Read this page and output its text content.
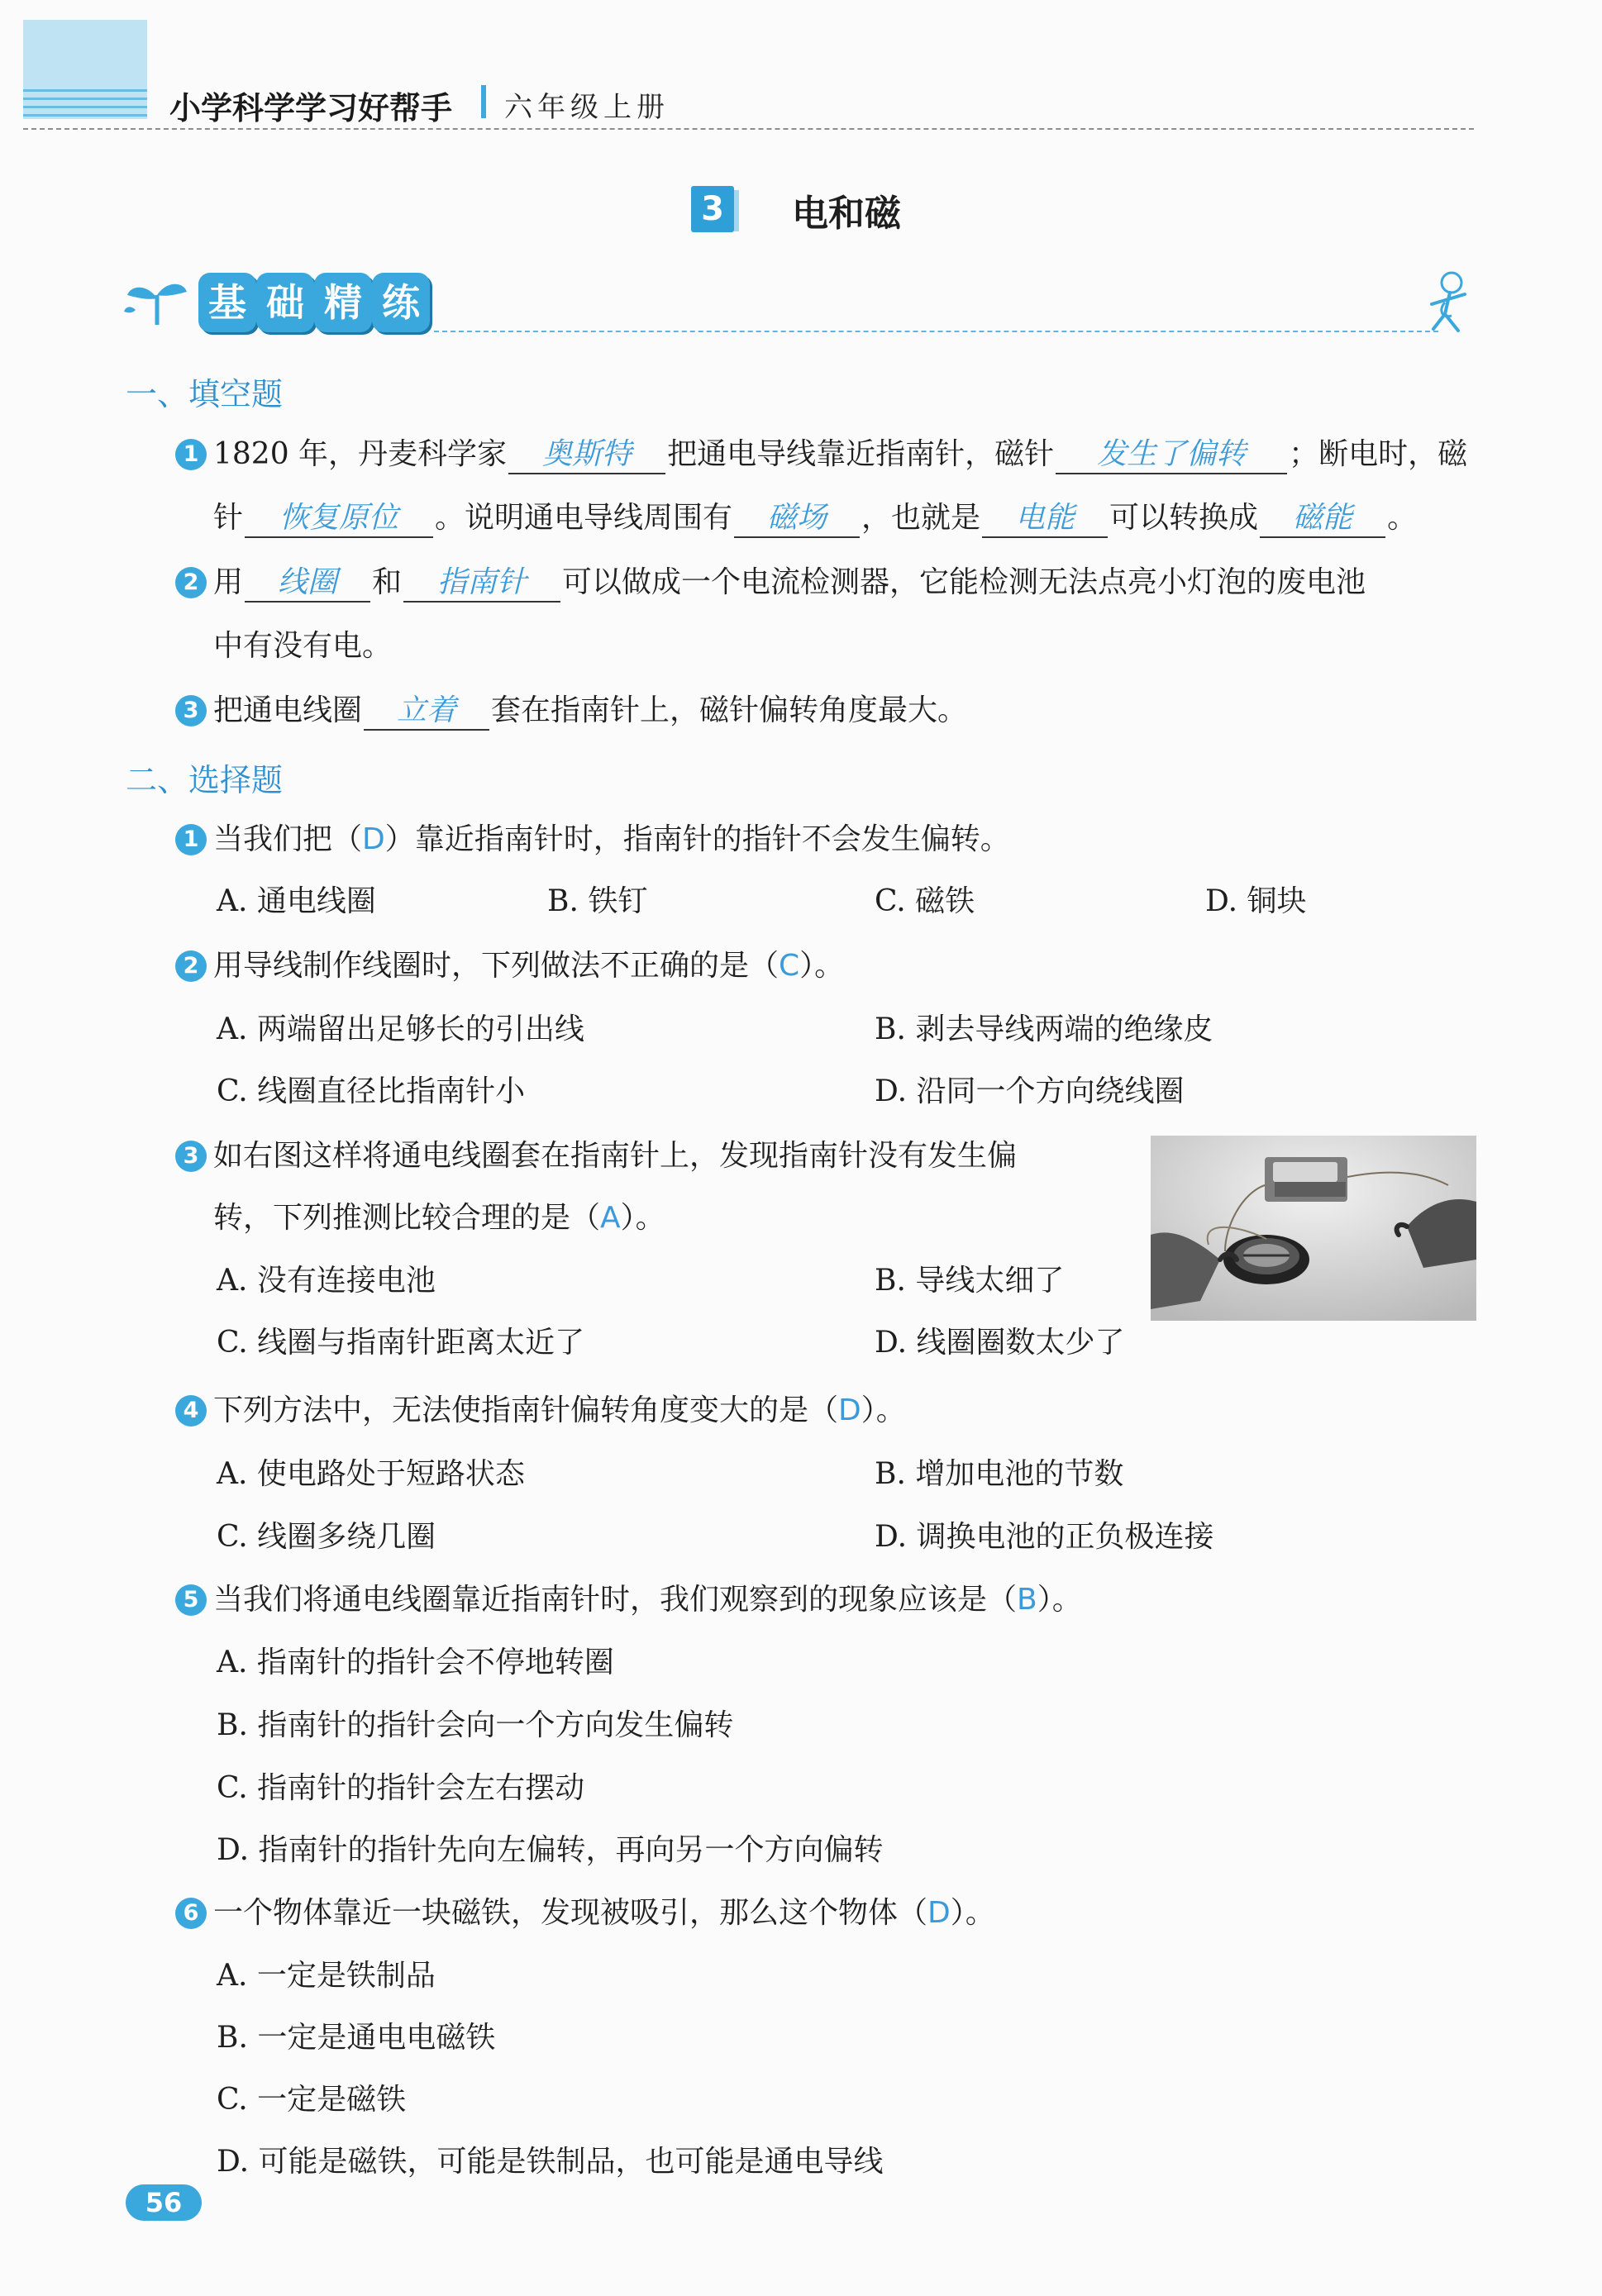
小学科学学习好帮手 六年级上册
3 电和磁
基 础 精 练
一、填空题
1 1820 年，丹麦科学家 奥斯特 把通电导线靠近指南针，磁针 发生了偏转 ；断电时，磁
针 恢复原位 。说明通电导线周围有 磁场 ，也就是 电能 可以转换成 磁能 。
2 用 线圈 和 指南针 可以做成一个电流检测器，它能检测无法点亮小灯泡的废电池
中有没有电。
3 把通电线圈 立着 套在指南针上，磁针偏转角度最大。
二、选择题
1 当我们把（D）靠近指南针时，指南针的指针不会发生偏转。
A. 通电线圈	B. 铁钉	C. 磁铁	D. 铜块
2 用导线制作线圈时，下列做法不正确的是（C）。
A. 两端留出足够长的引出线	B. 剥去导线两端的绝缘皮
C. 线圈直径比指南针小	D. 沿同一个方向绕线圈
3 如右图这样将通电线圈套在指南针上，发现指南针没有发生偏
转，下列推测比较合理的是（A）。
A. 没有连接电池	B. 导线太细了
C. 线圈与指南针距离太近了	D. 线圈圈数太少了
4 下列方法中，无法使指南针偏转角度变大的是（D）。
A. 使电路处于短路状态	B. 增加电池的节数
C. 线圈多绕几圈	D. 调换电池的正负极连接
5 当我们将通电线圈靠近指南针时，我们观察到的现象应该是（B）。
A. 指南针的指针会不停地转圈
B. 指南针的指针会向一个方向发生偏转
C. 指南针的指针会左右摆动
D. 指南针的指针先向左偏转，再向另一个方向偏转
6 一个物体靠近一块磁铁，发现被吸引，那么这个物体（D）。
A. 一定是铁制品
B. 一定是通电电磁铁
C. 一定是磁铁
D. 可能是磁铁，可能是铁制品，也可能是通电导线
56
